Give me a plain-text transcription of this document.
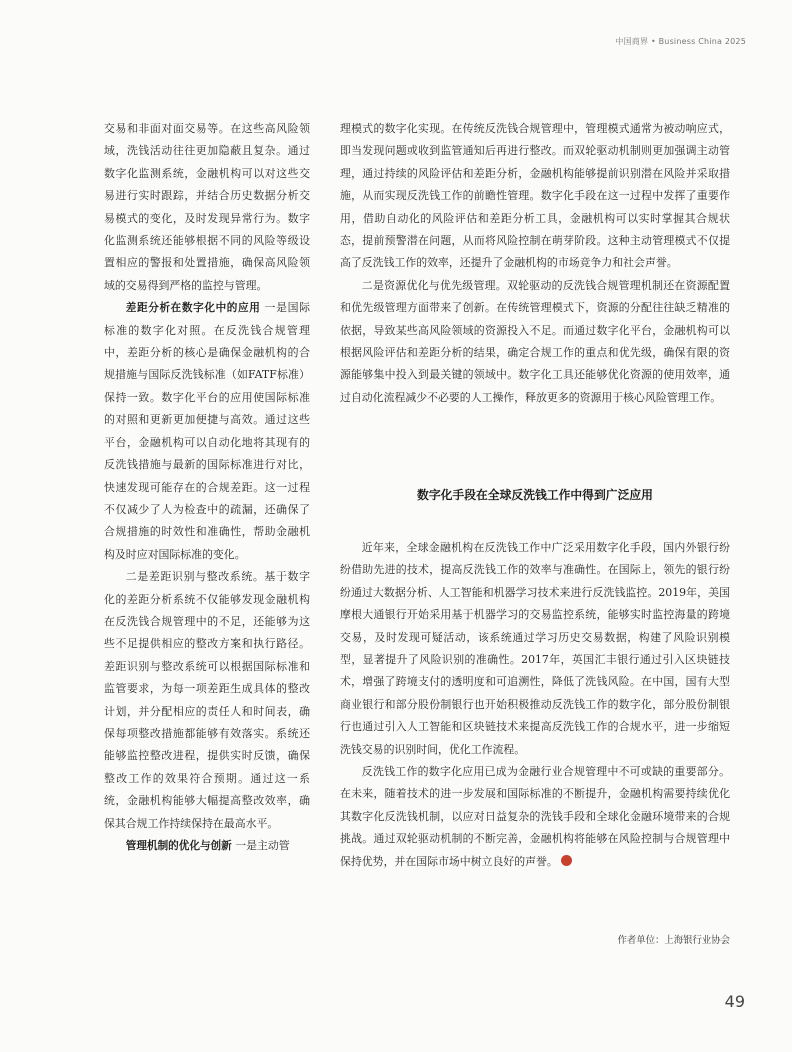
中国商界 • Business China 2025

交易和非面对面交易等。在这些高风险领域，洗钱活动往往更加隐蔽且复杂。通过数字化监测系统，金融机构可以对这些交易进行实时跟踪，并结合历史数据分析交易模式的变化，及时发现异常行为。数字化监测系统还能够根据不同的风险等级设置相应的警报和处置措施，确保高风险领域的交易得到严格的监控与管理。

差距分析在数字化中的应用 一是国际标准的数字化对照。在反洗钱合规管理中，差距分析的核心是确保金融机构的合规措施与国际反洗钱标准（如FATF标准）保持一致。数字化平台的应用使国际标准的对照和更新更加便捷与高效。通过这些平台，金融机构可以自动化地将其现有的反洗钱措施与最新的国际标准进行对比，快速发现可能存在的合规差距。这一过程不仅减少了人为检查中的疏漏，还确保了合规措施的时效性和准确性，帮助金融机构及时应对国际标准的变化。

二是差距识别与整改系统。基于数字化的差距分析系统不仅能够发现金融机构在反洗钱合规管理中的不足，还能够为这些不足提供相应的整改方案和执行路径。差距识别与整改系统可以根据国际标准和监管要求，为每一项差距生成具体的整改计划，并分配相应的责任人和时间表，确保每项整改措施都能够有效落实。系统还能够监控整改进程，提供实时反馈，确保整改工作的效果符合预期。通过这一系统，金融机构能够大幅提高整改效率，确保其合规工作持续保持在最高水平。

管理机制的优化与创新 一是主动管

理模式的数字化实现。在传统反洗钱合规管理中，管理模式通常为被动响应式，即当发现问题或收到监管通知后再进行整改。而双轮驱动机制则更加强调主动管理，通过持续的风险评估和差距分析，金融机构能够提前识别潜在风险并采取措施，从而实现反洗钱工作的前瞻性管理。数字化手段在这一过程中发挥了重要作用，借助自动化的风险评估和差距分析工具，金融机构可以实时掌握其合规状态，提前预警潜在问题，从而将风险控制在萌芽阶段。这种主动管理模式不仅提高了反洗钱工作的效率，还提升了金融机构的市场竞争力和社会声誉。

二是资源优化与优先级管理。双轮驱动的反洗钱合规管理机制还在资源配置和优先级管理方面带来了创新。在传统管理模式下，资源的分配往往缺乏精准的依据，导致某些高风险领域的资源投入不足。而通过数字化平台，金融机构可以根据风险评估和差距分析的结果，确定合规工作的重点和优先级，确保有限的资源能够集中投入到最关键的领域中。数字化工具还能够优化资源的使用效率，通过自动化流程减少不必要的人工操作，释放更多的资源用于核心风险管理工作。

数字化手段在全球反洗钱工作中得到广泛应用

近年来，全球金融机构在反洗钱工作中广泛采用数字化手段，国内外银行纷纷借助先进的技术，提高反洗钱工作的效率与准确性。在国际上，领先的银行纷纷通过大数据分析、人工智能和机器学习技术来进行反洗钱监控。2019年，美国摩根大通银行开始采用基于机器学习的交易监控系统，能够实时监控海量的跨境交易，及时发现可疑活动，该系统通过学习历史交易数据，构建了风险识别模型，显著提升了风险识别的准确性。2017年，英国汇丰银行通过引入区块链技术，增强了跨境支付的透明度和可追溯性，降低了洗钱风险。在中国，国有大型商业银行和部分股份制银行也开始积极推动反洗钱工作的数字化，部分股份制银行也通过引入人工智能和区块链技术来提高反洗钱工作的合规水平，进一步缩短洗钱交易的识别时间，优化工作流程。

反洗钱工作的数字化应用已成为金融行业合规管理中不可或缺的重要部分。在未来，随着技术的进一步发展和国际标准的不断提升，金融机构需要持续优化其数字化反洗钱机制，以应对日益复杂的洗钱手段和全球化金融环境带来的合规挑战。通过双轮驱动机制的不断完善，金融机构将能够在风险控制与合规管理中保持优势，并在国际市场中树立良好的声誉。

作者单位：上海银行业协会
49
